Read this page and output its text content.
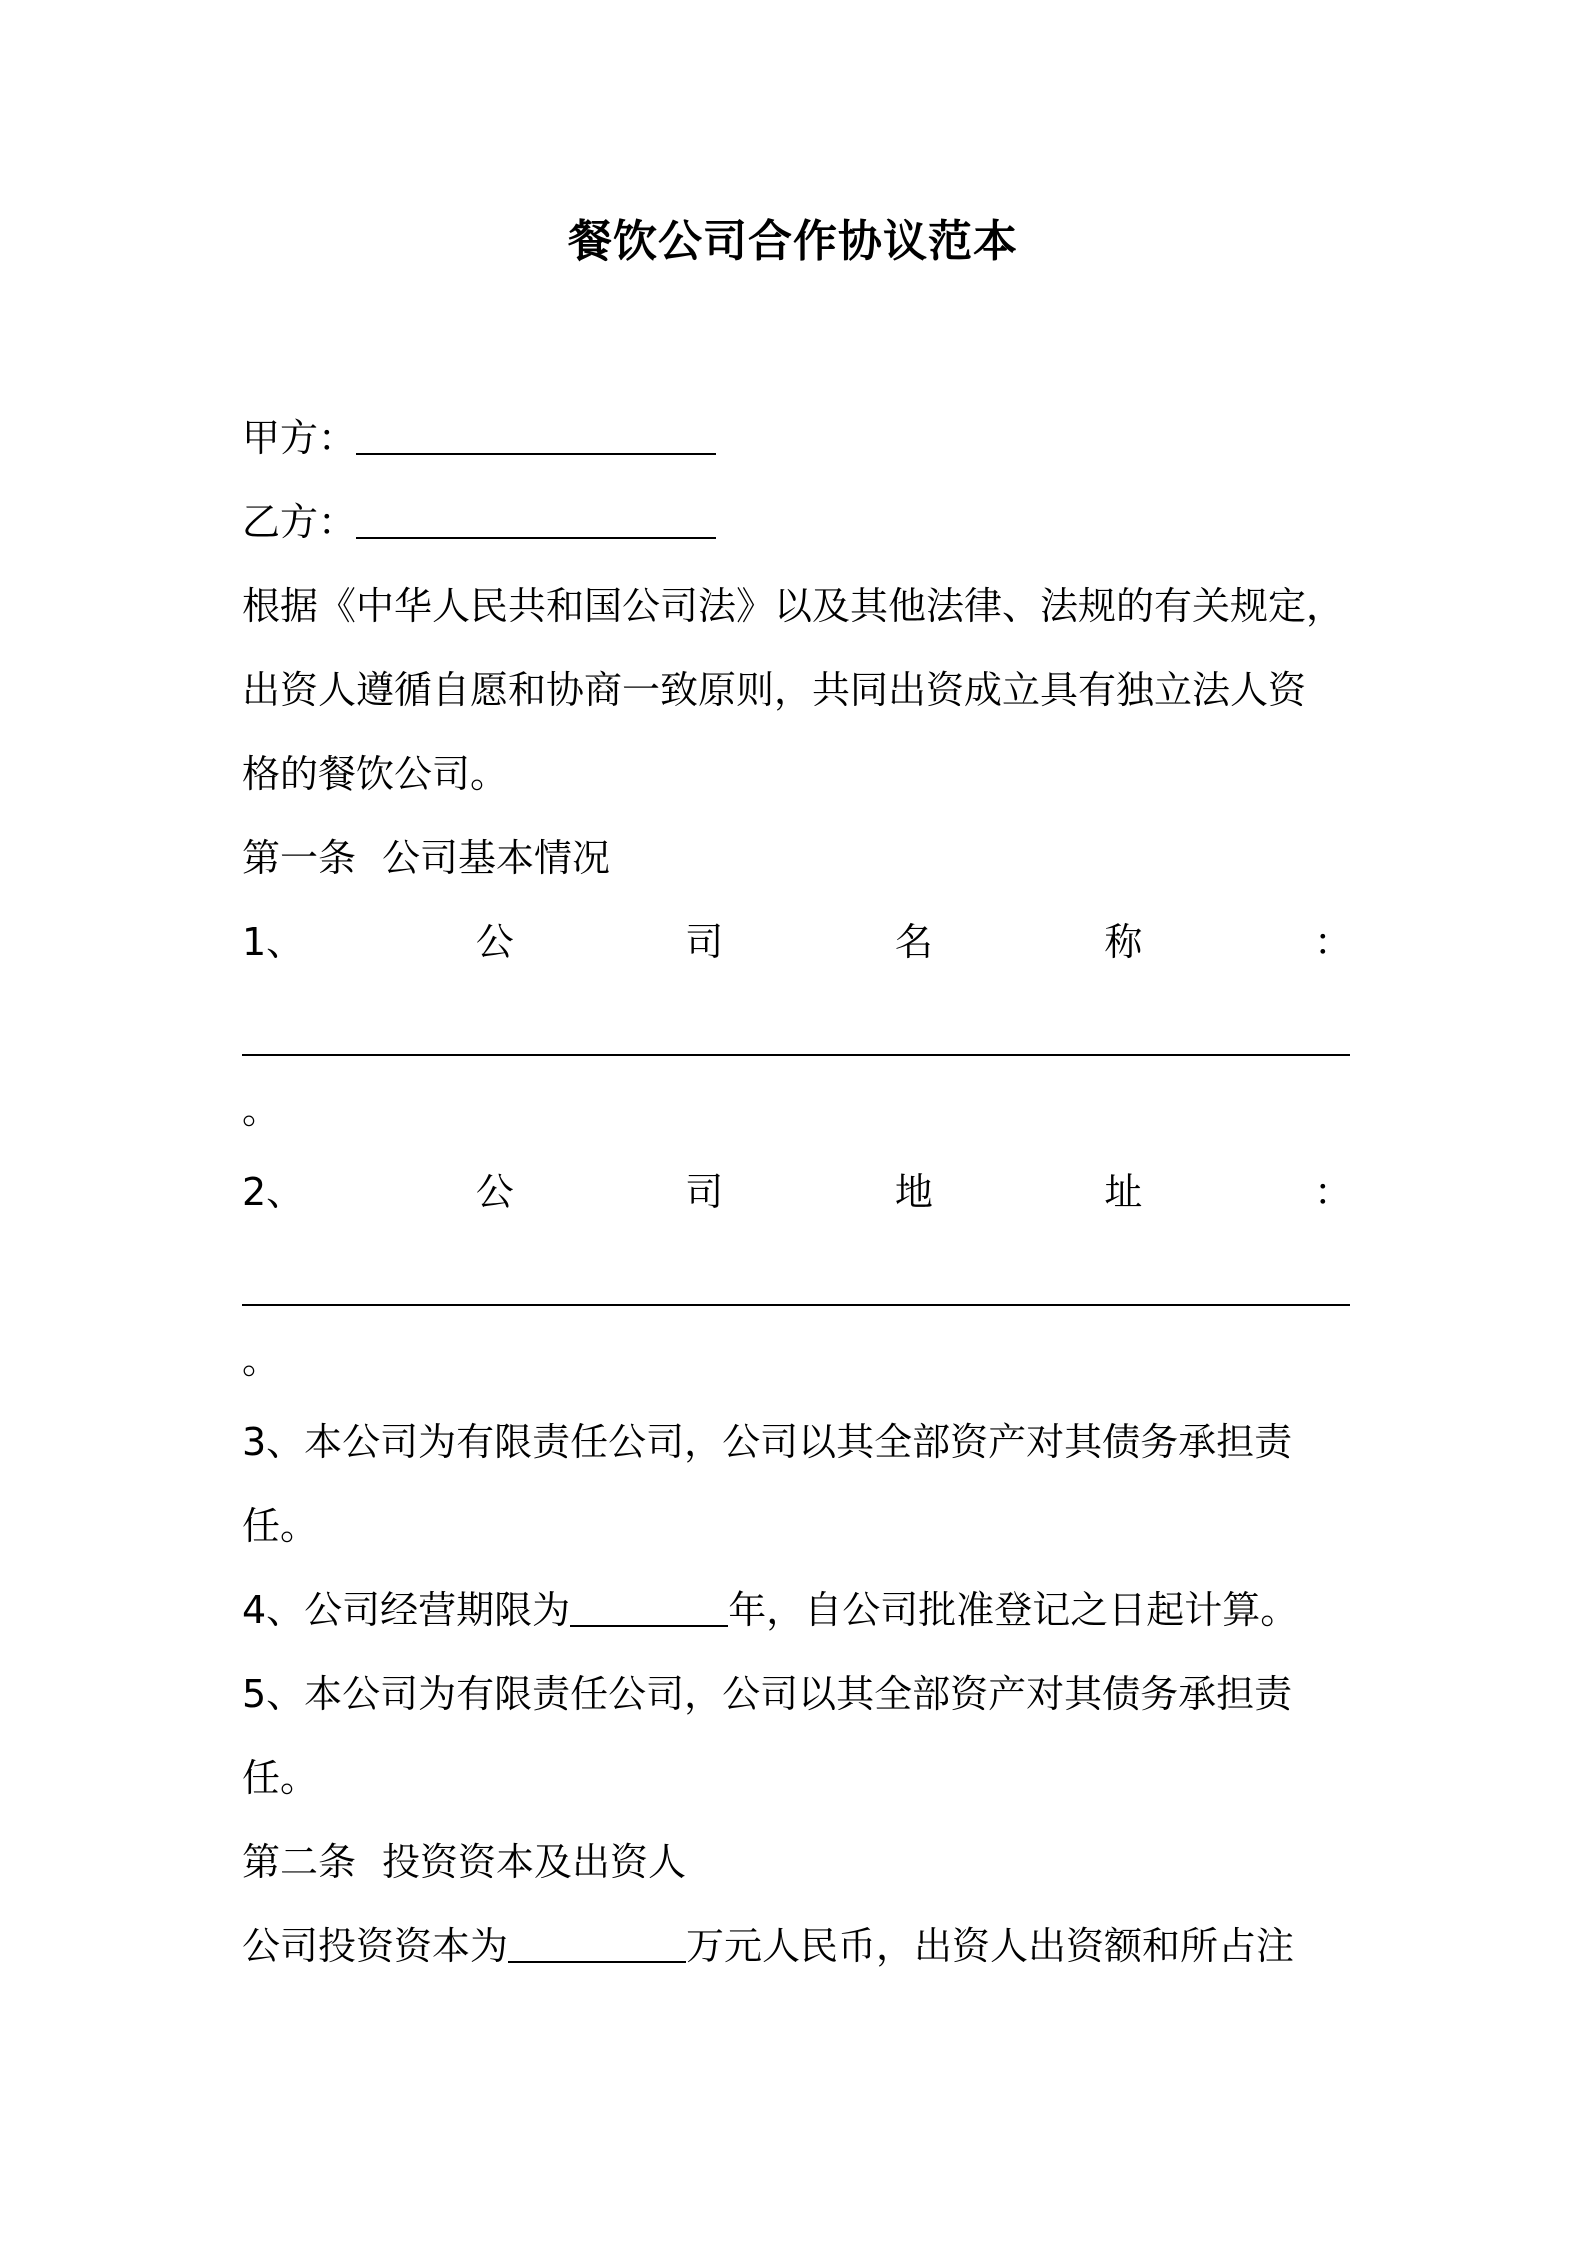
餐饮公司合作协议范本
甲方：
乙方：
根据《中华人民共和国公司法》以及其他法律、法规的有关规定，
出资人遵循自愿和协商一致原则，共同出资成立具有独立法人资
格的餐饮公司。
第一条 公司基本情况
1、	公	司	名	称	：
。
2、	公	司	地	址	：
。
3、本公司为有限责任公司，公司以其全部资产对其债务承担责
任。
4、公司经营期限为	年，自公司批准登记之日起计算。
5、本公司为有限责任公司，公司以其全部资产对其债务承担责
任。
第二条 投资资本及出资人
公司投资资本为	万元人民币，出资人出资额和所占注
